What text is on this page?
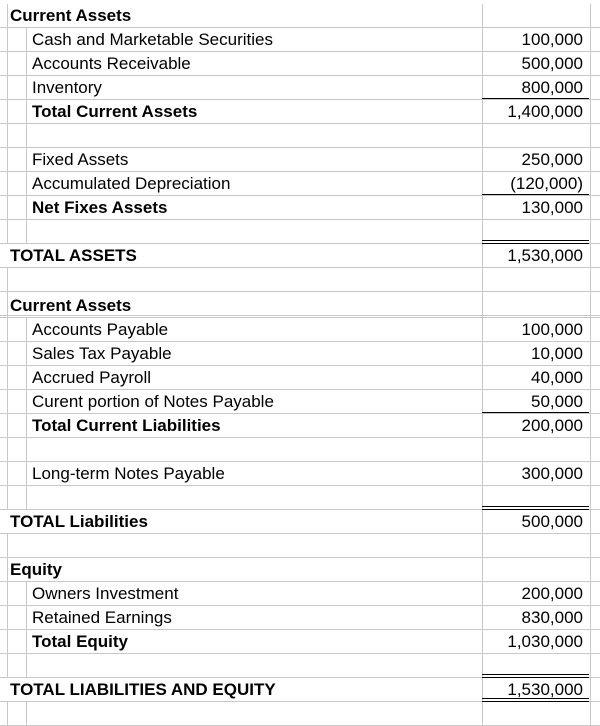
Current Assets
Cash and Marketable Securities	100,000
Accounts Receivable	500,000
Inventory	800,000
Total Current Assets	1,400,000
Fixed Assets	250,000
Accumulated Depreciation	(120,000)
Net Fixes Assets	130,000
TOTAL ASSETS	1,530,000
Current Assets
Accounts Payable	100,000
Sales Tax Payable	10,000
Accrued Payroll	40,000
Curent portion of Notes Payable	50,000
Total Current Liabilities	200,000
Long-term Notes Payable	300,000
TOTAL Liabilities	500,000
Equity
Owners Investment	200,000
Retained Earnings	830,000
Total Equity	1,030,000
TOTAL LIABILITIES AND EQUITY	1,530,000
